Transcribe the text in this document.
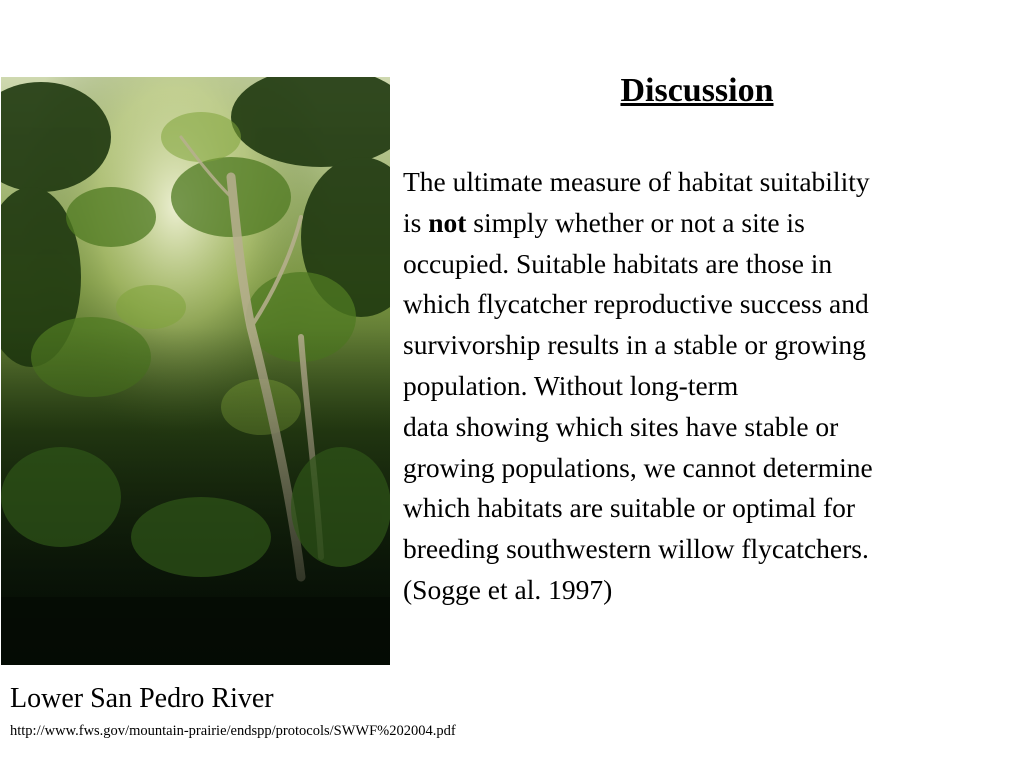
Discussion
The ultimate measure of habitat suitability
is not simply whether or not a site is
occupied. Suitable habitats are those in
which flycatcher reproductive success and
survivorship results in a stable or growing
population. Without long-term
data showing which sites have stable or
growing populations, we cannot determine
which habitats are suitable or optimal for
breeding southwestern willow flycatchers.
(Sogge et al. 1997)
Lower San Pedro River
http://www.fws.gov/mountain-prairie/endspp/protocols/SWWF%202004.pdf
